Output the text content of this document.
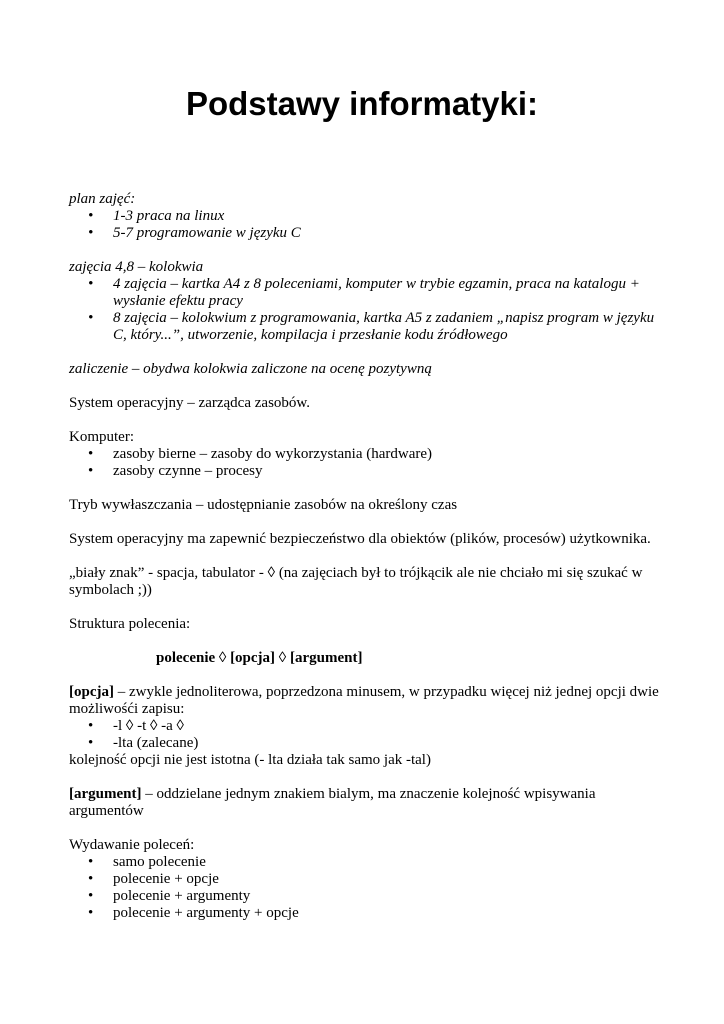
Podstawy informatyki:

plan zajęć:

• 1-3 praca na linux
• 5-7 programowanie w języku C

zajęcia 4,8 – kolokwia

• 4 zajęcia – kartka A4 z 8 poleceniami, komputer w trybie egzamin, praca na katalogu + wysłanie efektu pracy
• 8 zajęcia – kolokwium z programowania, kartka A5 z zadaniem „napisz program w języku C, który...”, utworzenie, kompilacja i przesłanie kodu źródłowego

zaliczenie – obydwa kolokwia zaliczone na ocenę pozytywną

System operacyjny – zarządca zasobów.

Komputer:

• zasoby bierne – zasoby do wykorzystania (hardware)
• zasoby czynne – procesy

Tryb wywłaszczania – udostępnianie zasobów na określony czas

System operacyjny ma zapewnić bezpieczeństwo dla obiektów (plików, procesów) użytkownika.

„biały znak” - spacja, tabulator - ◊ (na zajęciach był to trójkącik ale nie chciało mi się szukać w symbolach ;))

Struktura polecenia:

polecenie ◊ [opcja] ◊ [argument]

[opcja] – zwykle jednoliterowa, poprzedzona minusem, w przypadku więcej niż jednej opcji dwie możliwośći zapisu:

• -l ◊ -t ◊ -a ◊
• -lta (zalecane)

kolejność opcji nie jest istotna (- lta działa tak samo jak -tal)

[argument] – oddzielane jednym znakiem bialym, ma znaczenie kolejność wpisywania argumentów

Wydawanie poleceń:

• samo polecenie
• polecenie + opcje
• polecenie + argumenty
• polecenie + argumenty + opcje
